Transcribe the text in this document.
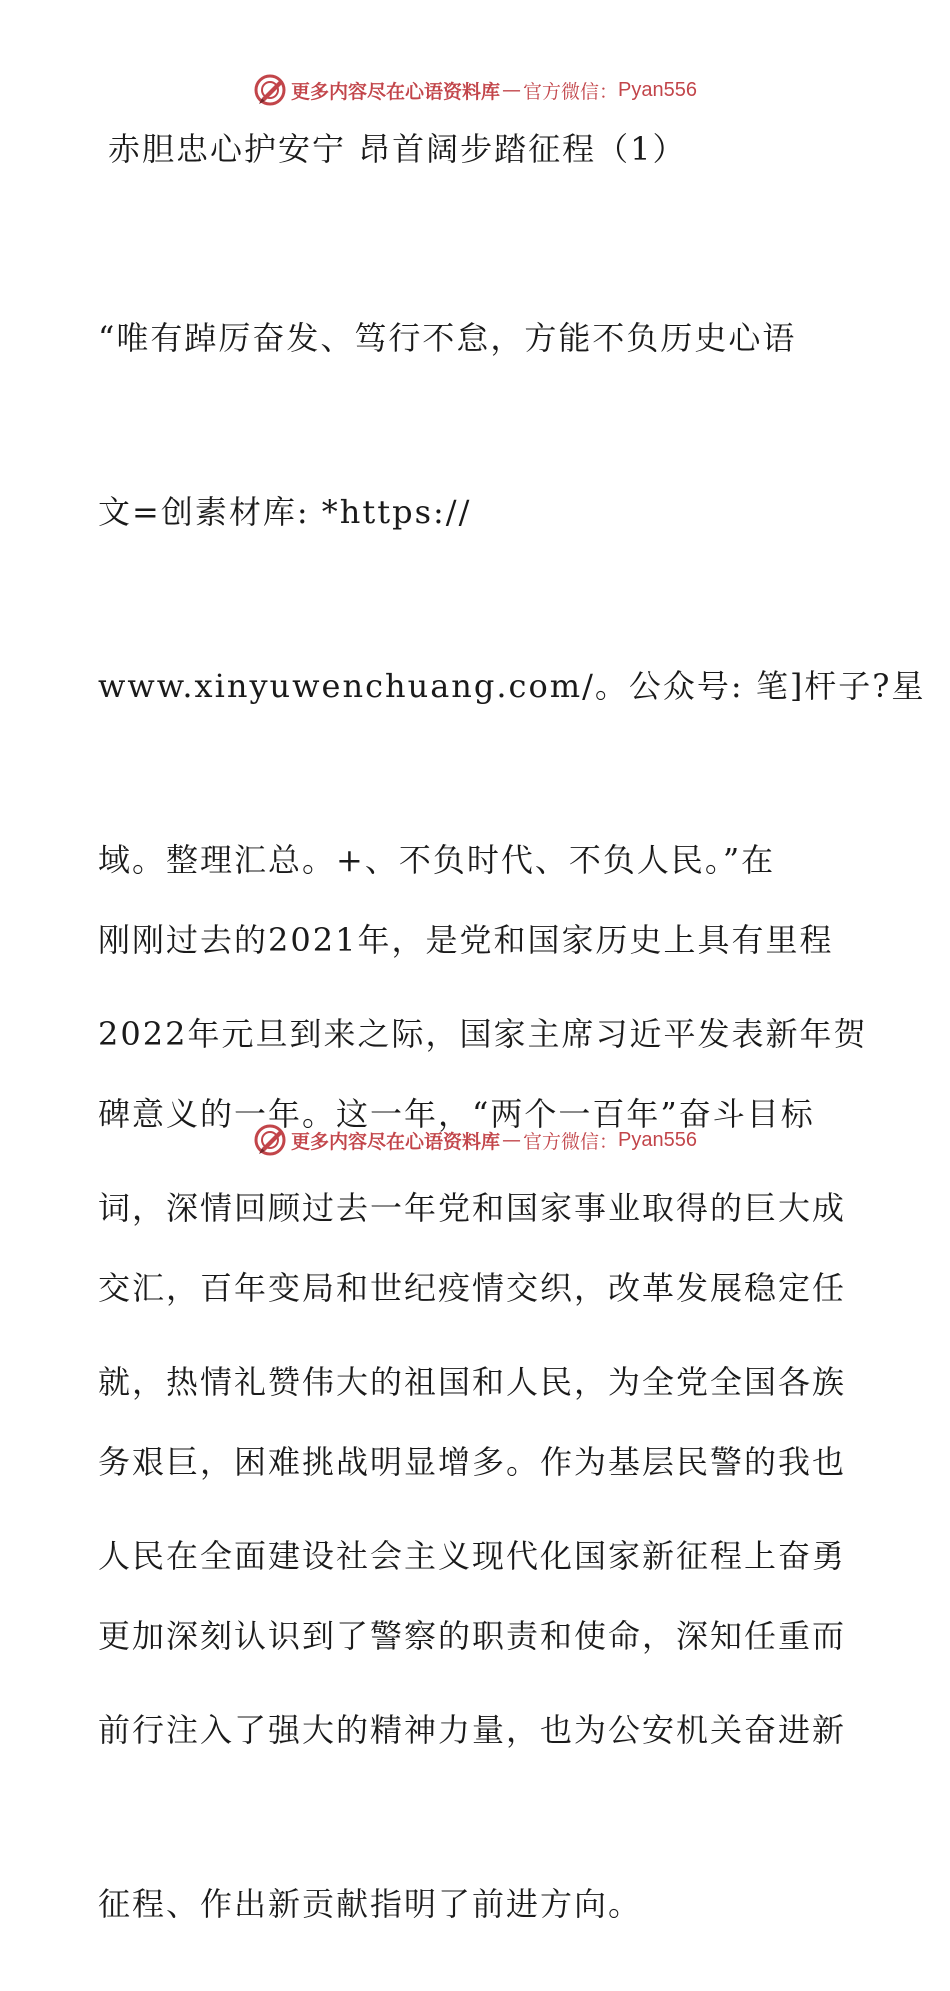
更多内容尽在心语资料库 — 官方微信： Pyan556
赤胆忠心护安宁 昂首阔步踏征程（1）

“唯有踔厉奋发、笃行不怠，方能不负历史心语

文=创素材库: *https://

www.xinyuwenchuang.com/。公众号: 笔]杆子?星

域。整理汇总。+、不负时代、不负人民。”在

2022年元旦到来之际，国家主席习近平发表新年贺

词，深情回顾过去一年党和国家事业取得的巨大成

就，热情礼赞伟大的祖国和人民，为全党全国各族

人民在全面建设社会主义现代化国家新征程上奋勇

前行注入了强大的精神力量，也为公安机关奋进新

征程、作出新贡献指明了前进方向。

刚刚过去的2021年，是党和国家历史上具有里程

碑意义的一年。这一年，“两个一百年”奋斗目标

交汇，百年变局和世纪疫情交织，改革发展稳定任

务艰巨，困难挑战明显增多。作为基层民警的我也

更加深刻认识到了警察的职责和使命，深知任重而

更多内容尽在心语资料库 — 官方微信： Pyan556
